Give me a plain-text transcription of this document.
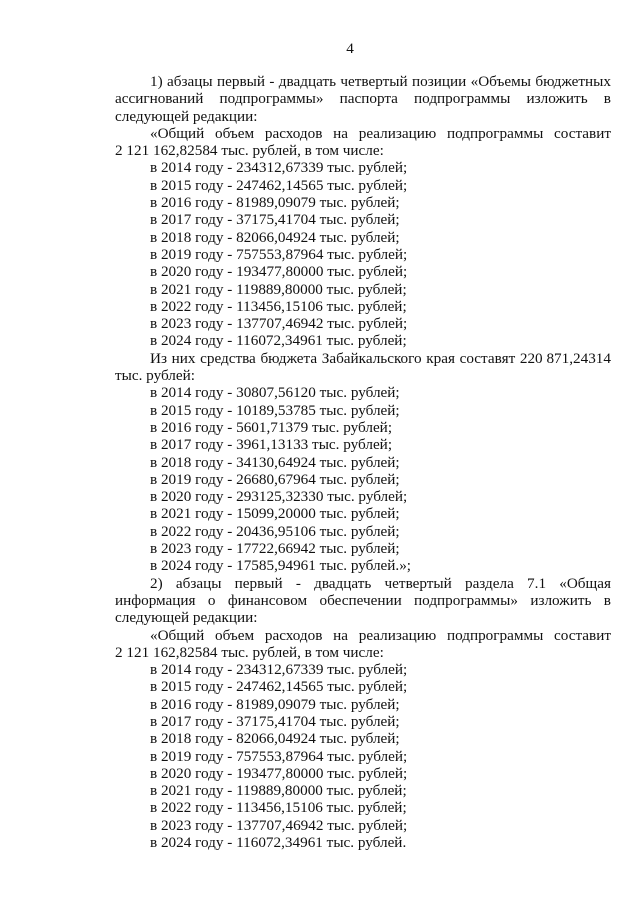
4
1) абзацы первый - двадцать четвертый позиции «Объемы бюджетных
ассигнований подпрограммы» паспорта подпрограммы изложить в
следующей редакции:
«Общий объем расходов на реализацию подпрограммы составит
2 121 162,82584 тыс. рублей, в том числе:
в 2014 году - 234312,67339 тыс. рублей;
в 2015 году - 247462,14565 тыс. рублей;
в 2016 году - 81989,09079 тыс. рублей;
в 2017 году - 37175,41704 тыс. рублей;
в 2018 году - 82066,04924 тыс. рублей;
в 2019 году - 757553,87964 тыс. рублей;
в 2020 году - 193477,80000 тыс. рублей;
в 2021 году - 119889,80000 тыс. рублей;
в 2022 году - 113456,15106 тыс. рублей;
в 2023 году - 137707,46942 тыс. рублей;
в 2024 году - 116072,34961 тыс. рублей;
Из них средства бюджета Забайкальского края составят 220 871,24314
тыс. рублей:
в 2014 году - 30807,56120 тыс. рублей;
в 2015 году - 10189,53785 тыс. рублей;
в 2016 году - 5601,71379 тыс. рублей;
в 2017 году - 3961,13133 тыс. рублей;
в 2018 году - 34130,64924 тыс. рублей;
в 2019 году - 26680,67964 тыс. рублей;
в 2020 году - 293125,32330 тыс. рублей;
в 2021 году - 15099,20000 тыс. рублей;
в 2022 году - 20436,95106 тыс. рублей;
в 2023 году - 17722,66942 тыс. рублей;
в 2024 году - 17585,94961 тыс. рублей.»;
2) абзацы первый - двадцать четвертый раздела 7.1 «Общая
информация о финансовом обеспечении подпрограммы» изложить в
следующей редакции:
«Общий объем расходов на реализацию подпрограммы составит
2 121 162,82584 тыс. рублей, в том числе:
в 2014 году - 234312,67339 тыс. рублей;
в 2015 году - 247462,14565 тыс. рублей;
в 2016 году - 81989,09079 тыс. рублей;
в 2017 году - 37175,41704 тыс. рублей;
в 2018 году - 82066,04924 тыс. рублей;
в 2019 году - 757553,87964 тыс. рублей;
в 2020 году - 193477,80000 тыс. рублей;
в 2021 году - 119889,80000 тыс. рублей;
в 2022 году - 113456,15106 тыс. рублей;
в 2023 году - 137707,46942 тыс. рублей;
в 2024 году - 116072,34961 тыс. рублей.
